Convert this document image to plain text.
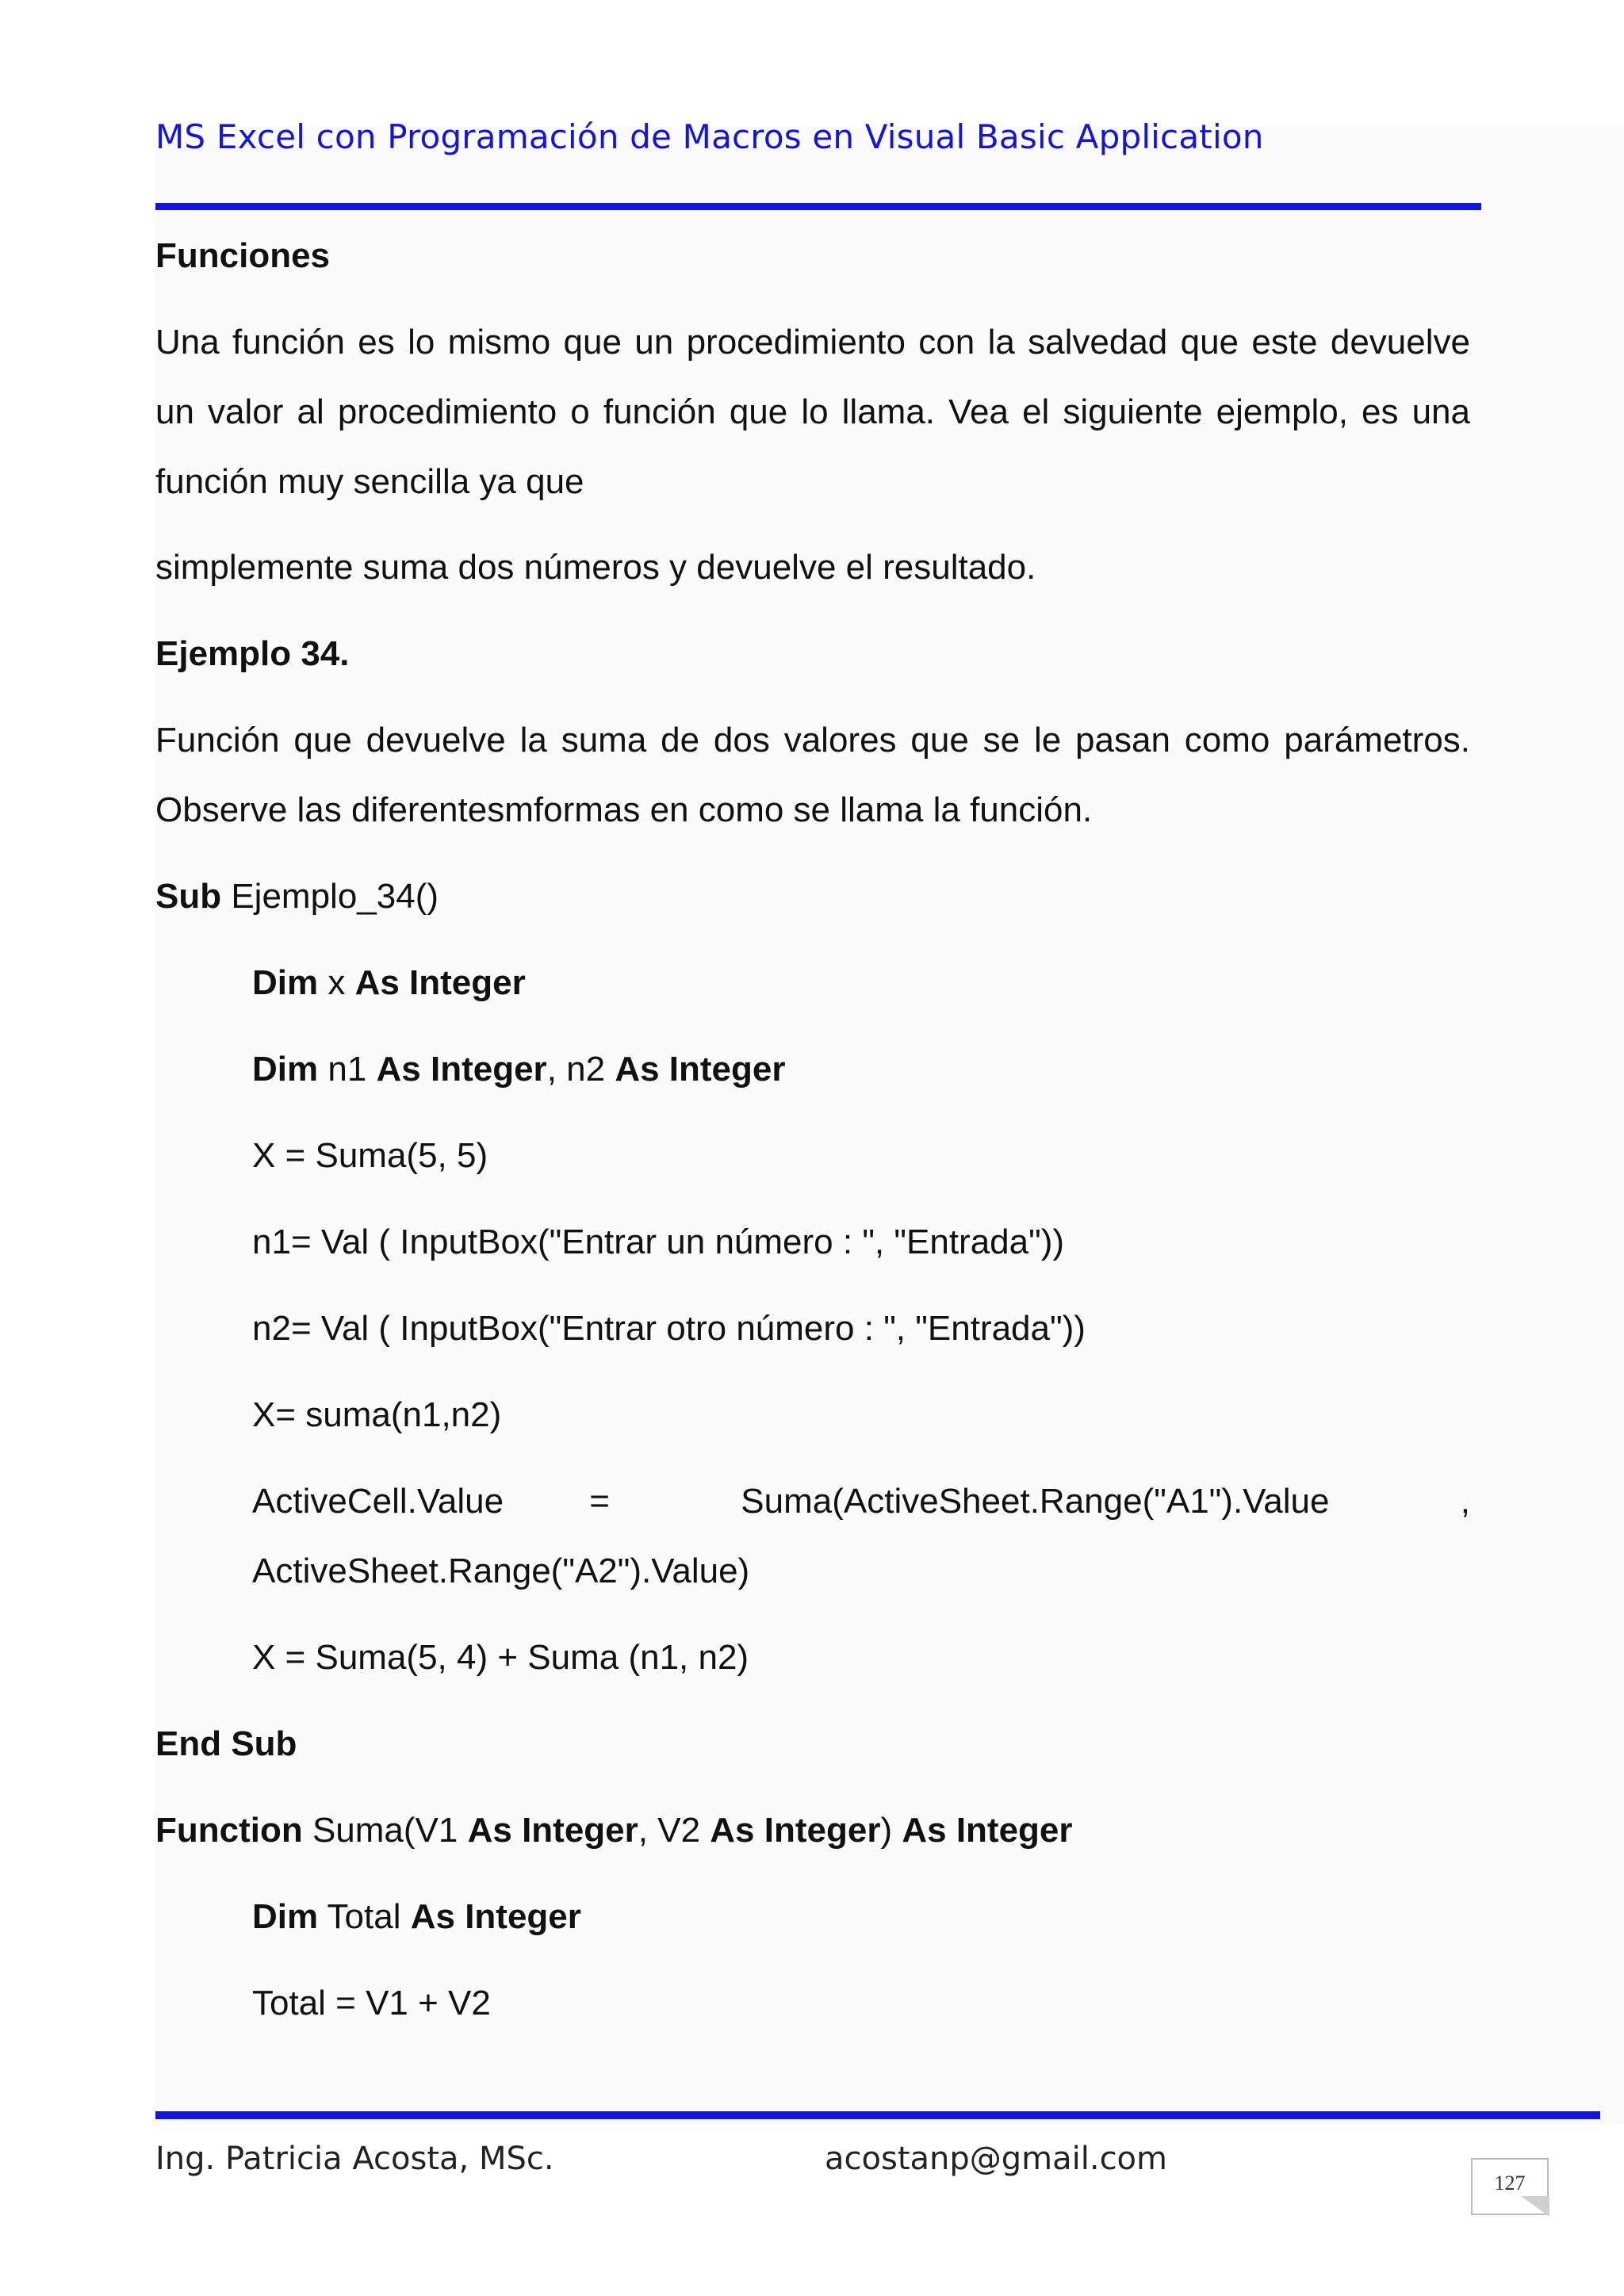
MS Excel con Programación de Macros en Visual Basic Application
Funciones
Una función es lo mismo que un procedimiento con la salvedad que este devuelve un valor al procedimiento o función que lo llama. Vea el siguiente ejemplo, es una función muy sencilla ya que
simplemente suma dos números y devuelve el resultado.
Ejemplo 34.
Función que devuelve la suma de dos valores que se le pasan como parámetros. Observe las diferentesmformas en como se llama la función.
Sub Ejemplo_34()
Dim x As Integer
Dim n1 As Integer, n2 As Integer
X = Suma(5, 5)
n1= Val ( InputBox("Entrar un número : ", "Entrada"))
n2= Val ( InputBox("Entrar otro número : ", "Entrada"))
X= suma(n1,n2)
ActiveCell.Value =	Suma(ActiveSheet.Range("A1").Value	,
ActiveSheet.Range("A2").Value)
X = Suma(5, 4) + Suma (n1, n2)
End Sub
Function Suma(V1 As Integer, V2 As Integer) As Integer
Dim Total As Integer
Total = V1 + V2
Ing. Patricia Acosta, MSc.	acostanp@gmail.com
127
